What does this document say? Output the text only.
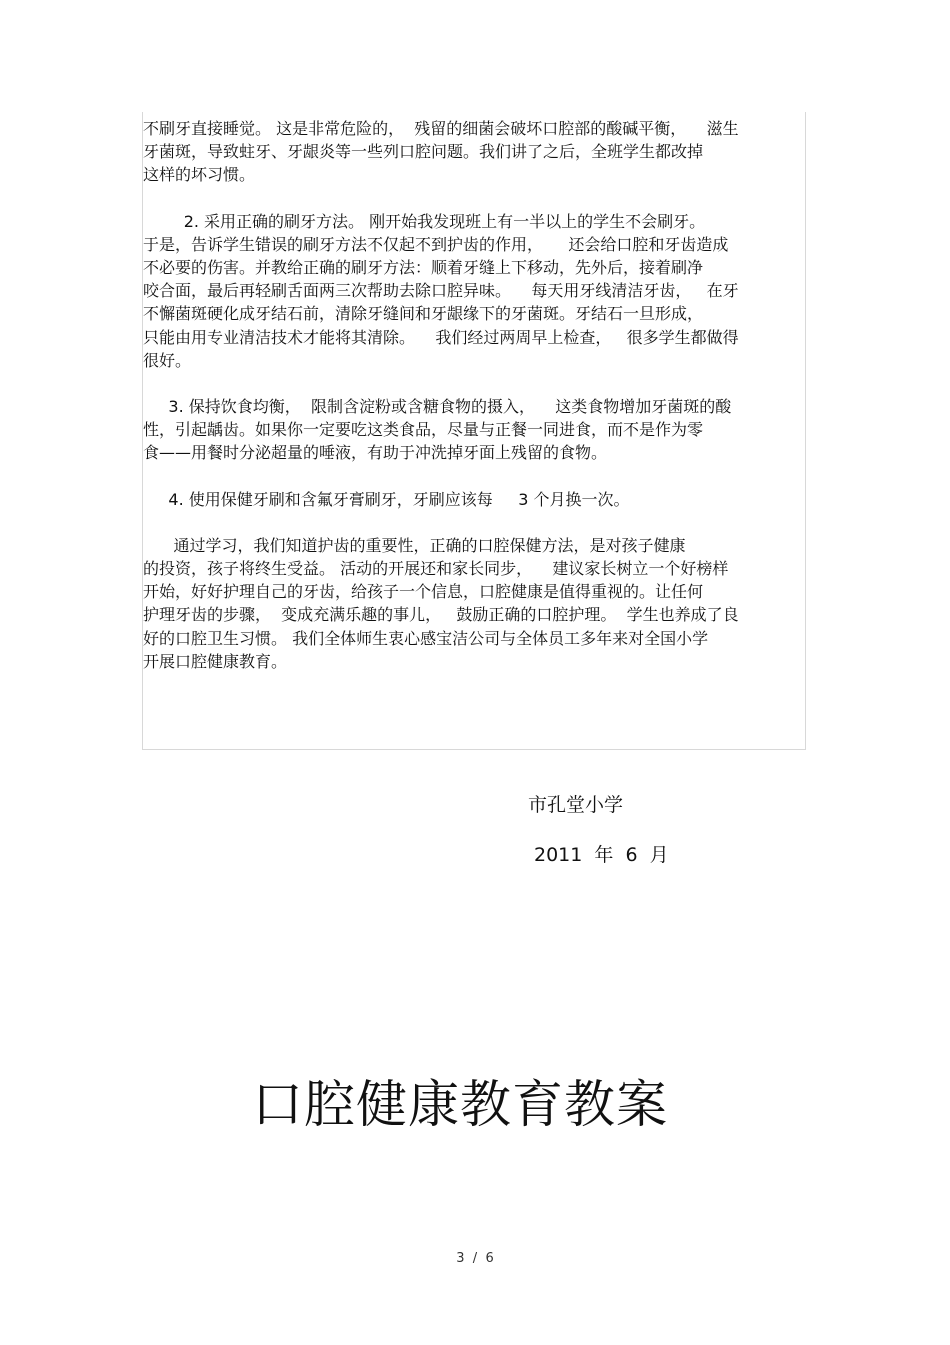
不刷牙直接睡觉。 这是非常危险的，  残留的细菌会破坏口腔部的酸碱平衡，    滋生
牙菌斑，导致蛀牙、牙龈炎等一些列口腔问题。我们讲了之后，全班学生都改掉
这样的坏习惯。

2. 采用正确的刷牙方法。 刚开始我发现班上有一半以上的学生不会刷牙。
于是，告诉学生错误的刷牙方法不仅起不到护齿的作用，     还会给口腔和牙齿造成
不必要的伤害。并教给正确的刷牙方法：顺着牙缝上下移动，先外后，接着刷净
咬合面，最后再轻刷舌面两三次帮助去除口腔异味。    每天用牙线清洁牙齿，   在牙
不懈菌斑硬化成牙结石前，清除牙缝间和牙龈缘下的牙菌斑。牙结石一旦形成，
只能由用专业清洁技术才能将其清除。    我们经过两周早上检查，   很多学生都做得
很好。

3. 保持饮食均衡，  限制含淀粉或含糖食物的摄入，    这类食物增加牙菌斑的酸
性，引起龋齿。如果你一定要吃这类食品，尽量与正餐一同进食，而不是作为零
食——用餐时分泌超量的唾液，有助于冲洗掉牙面上残留的食物。

4. 使用保健牙刷和含氟牙膏刷牙，牙刷应该每     3 个月换一次。

通过学习，我们知道护齿的重要性，正确的口腔保健方法，是对孩子健康
的投资，孩子将终生受益。 活动的开展还和家长同步，    建议家长树立一个好榜样
开始，好好护理自己的牙齿，给孩子一个信息，口腔健康是值得重视的。让任何
护理牙齿的步骤，  变成充满乐趣的事儿，   鼓励正确的口腔护理。  学生也养成了良
好的口腔卫生习惯。 我们全体师生衷心感宝洁公司与全体员工多年来对全国小学
开展口腔健康教育。

市孔堂小学
2011  年  6  月
口腔健康教育教案
3  /  6
